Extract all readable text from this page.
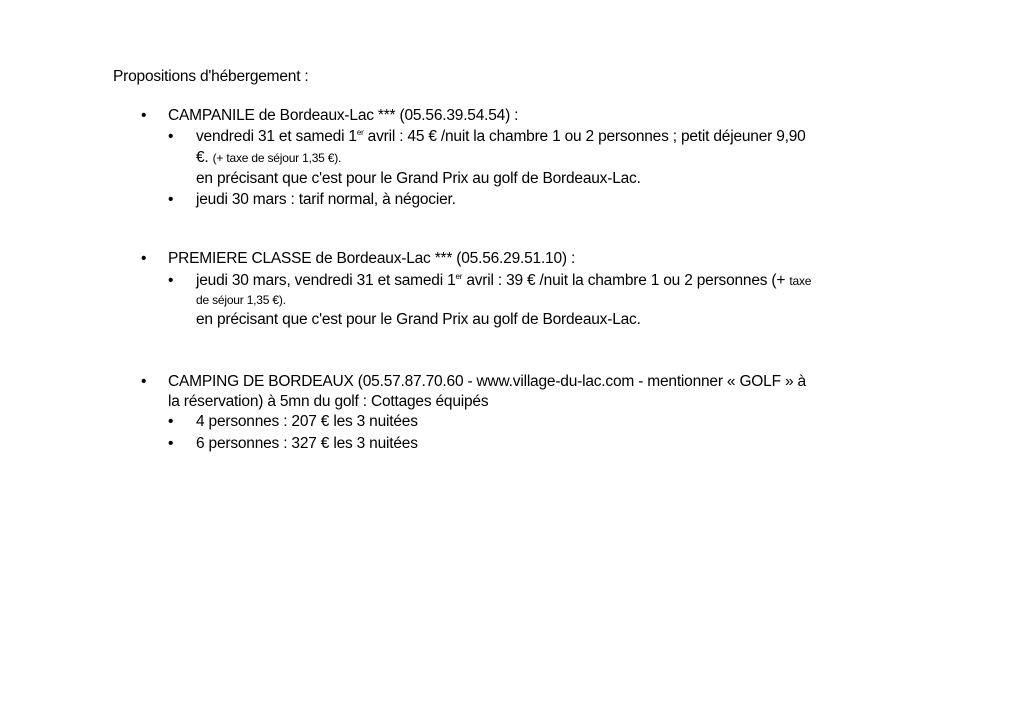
Propositions d'hébergement :

• CAMPANILE de Bordeaux-Lac *** (05.56.39.54.54) :
• vendredi 31 et samedi 1er avril : 45 € /nuit la chambre 1 ou 2 personnes ; petit déjeuner 9,90
€. (+ taxe de séjour 1,35 €).
en précisant que c'est pour le Grand Prix au golf de Bordeaux-Lac.
• jeudi 30 mars : tarif normal, à négocier.
• PREMIERE CLASSE de Bordeaux-Lac *** (05.56.29.51.10) :
• jeudi 30 mars, vendredi 31 et samedi 1er avril : 39 € /nuit la chambre 1 ou 2 personnes (+ taxe
de séjour 1,35 €).
en précisant que c'est pour le Grand Prix au golf de Bordeaux-Lac.
• CAMPING DE BORDEAUX (05.57.87.70.60 - www.village-du-lac.com - mentionner « GOLF » à
la réservation) à 5mn du golf : Cottages équipés
• 4 personnes : 207 € les 3 nuitées
• 6 personnes : 327 € les 3 nuitées
